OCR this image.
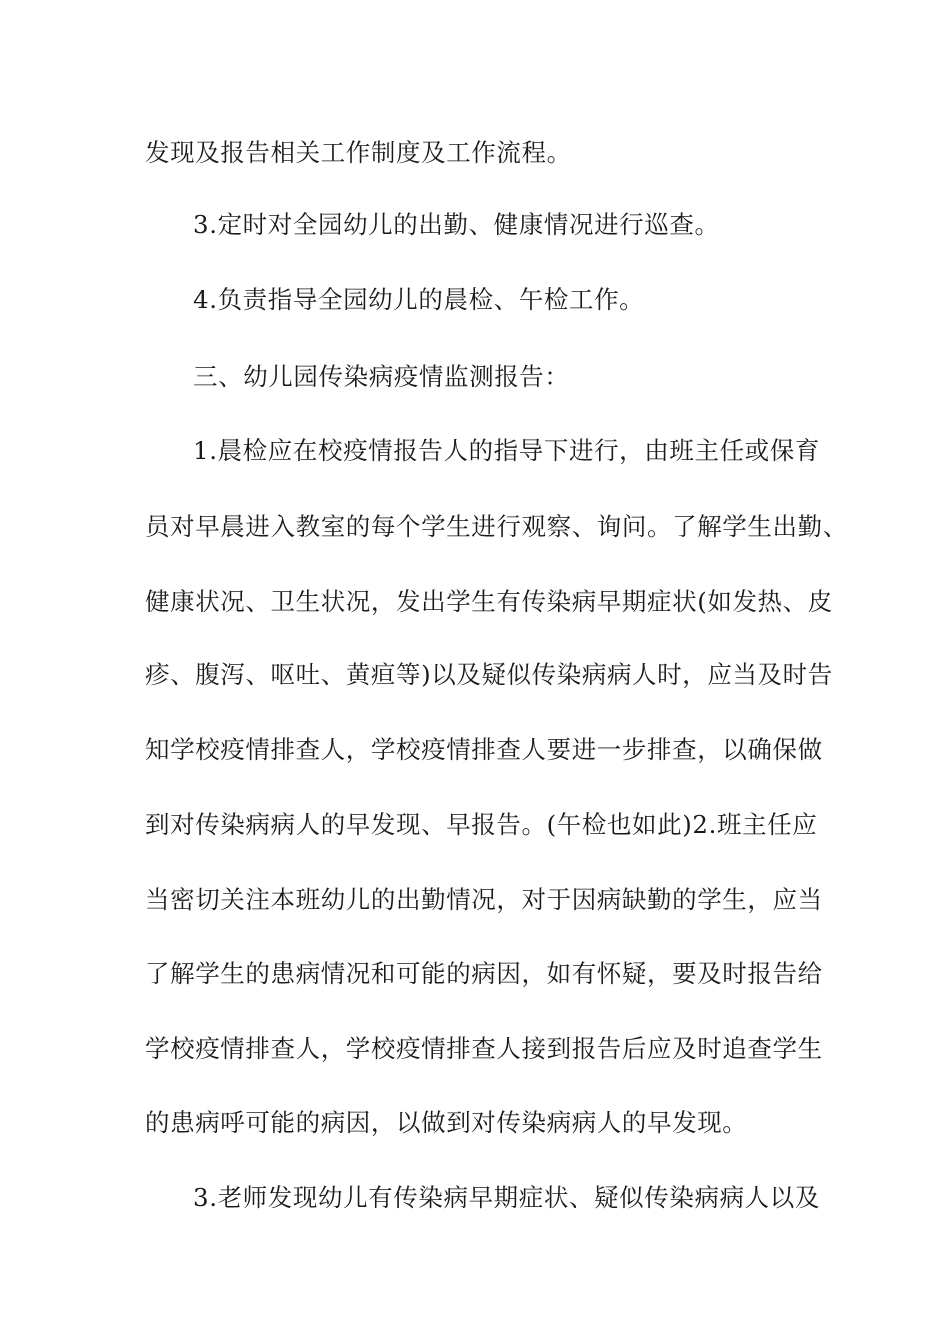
发现及报告相关工作制度及工作流程。
3.定时对全园幼儿的出勤、健康情况进行巡查。
4.负责指导全园幼儿的晨检、午检工作。
三、幼儿园传染病疫情监测报告：
1.晨检应在校疫情报告人的指导下进行，由班主任或保育
员对早晨进入教室的每个学生进行观察、询问。了解学生出勤、
健康状况、卫生状况，发出学生有传染病早期症状(如发热、皮
疹、腹泻、呕吐、黄疸等)以及疑似传染病病人时，应当及时告
知学校疫情排查人，学校疫情排查人要进一步排查，以确保做
到对传染病病人的早发现、早报告。(午检也如此)2.班主任应
当密切关注本班幼儿的出勤情况，对于因病缺勤的学生，应当
了解学生的患病情况和可能的病因，如有怀疑，要及时报告给
学校疫情排查人，学校疫情排查人接到报告后应及时追查学生
的患病呼可能的病因，以做到对传染病病人的早发现。
3.老师发现幼儿有传染病早期症状、疑似传染病病人以及
